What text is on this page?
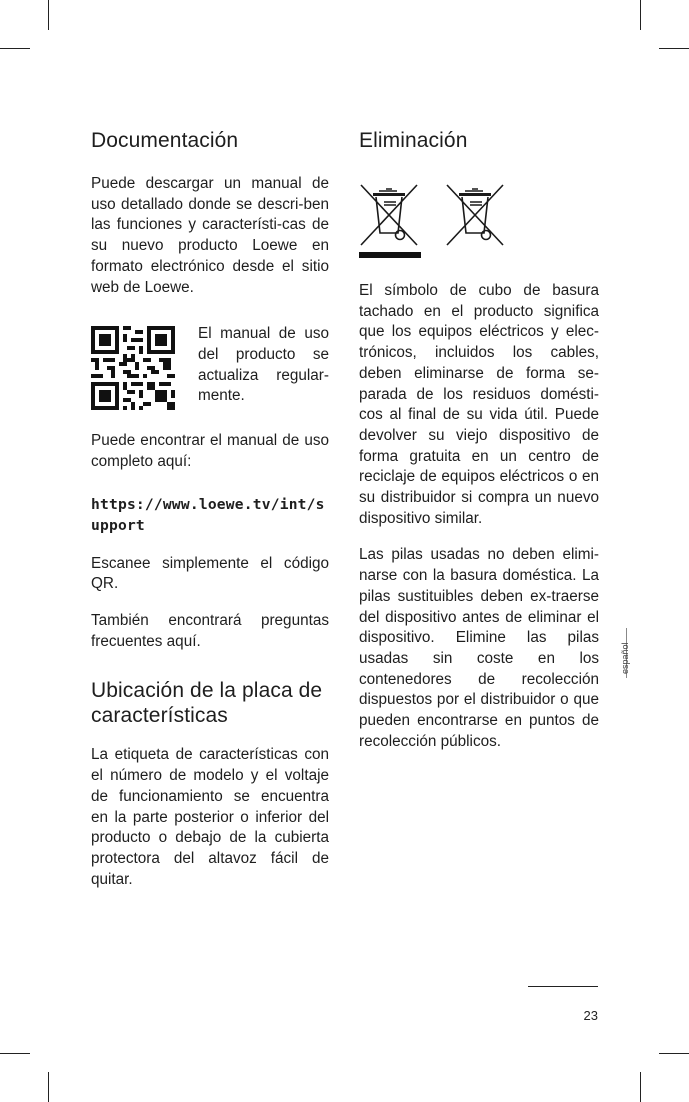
Documentación

Puede descargar un manual de uso detallado donde se descri-ben las funciones y característi-cas de su nuevo producto Loewe en formato electrónico desde el sitio web de Loewe.

El manual de uso del producto se actualiza regular-mente.

Puede encontrar el manual de uso completo aquí:

https://www.loewe.tv/int/support

Escanee simplemente el código QR.

También encontrará preguntas frecuentes aquí.

Ubicación de la placa de características

La etiqueta de características con el número de modelo y el voltaje de funcionamiento se encuentra en la parte posterior o inferior del producto o debajo de la cubierta protectora del altavoz fácil de quitar.

Eliminación

El símbolo de cubo de basura tachado en el producto significa que los equipos eléctricos y elec-trónicos, incluidos los cables, deben eliminarse de forma se-parada de los residuos domésti-cos al final de su vida útil. Puede devolver su viejo dispositivo de forma gratuita en un centro de reciclaje de equipos eléctricos o en su distribuidor si compra un nuevo dispositivo similar.

Las pilas usadas no deben elimi-narse con la basura doméstica. La pilas sustituibles deben ex-traerse del dispositivo antes de eliminar el dispositivo. Elimine las pilas usadas sin coste en los contenedores de recolección dispuestos por el distribuidor o que pueden encontrarse en puntos de recolección públicos.

español
23
